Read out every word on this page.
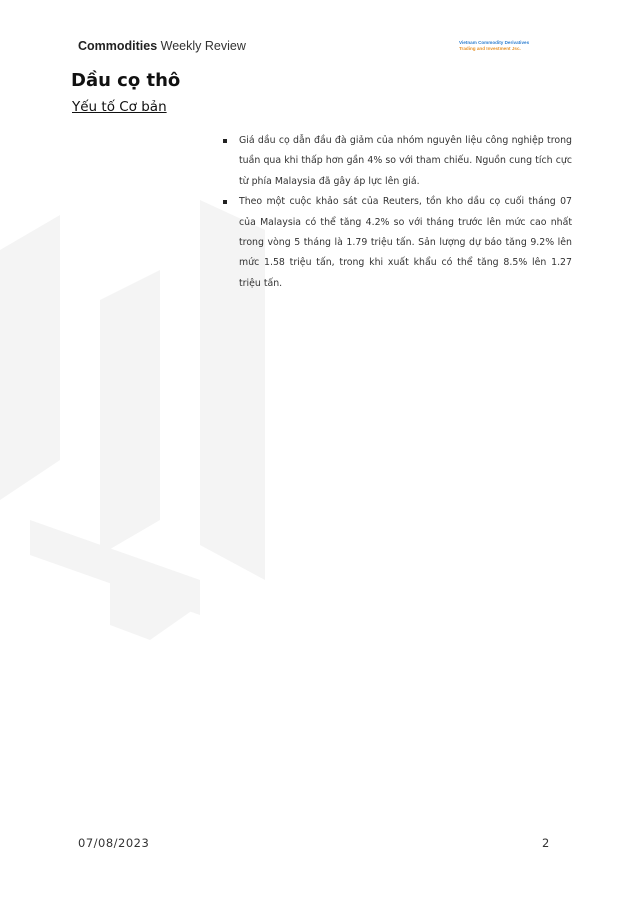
Commodities Weekly Review	Vietnam Commodity Derivatives
Trading and Investment Jsc.
Dầu cọ thô
Yếu tố Cơ bản
Giá dầu cọ dẫn đầu đà giảm của nhóm nguyên liệu công nghiệp trong tuần qua khi thấp hơn gần 4% so với tham chiếu. Nguồn cung tích cực từ phía Malaysia đã gây áp lực lên giá.
Theo một cuộc khảo sát của Reuters, tồn kho dầu cọ cuối tháng 07 của Malaysia có thể tăng 4.2% so với tháng trước lên mức cao nhất trong vòng 5 tháng là 1.79 triệu tấn. Sản lượng dự báo tăng 9.2% lên mức 1.58 triệu tấn, trong khi xuất khẩu có thể tăng 8.5% lên 1.27 triệu tấn.
07/08/2023	2
